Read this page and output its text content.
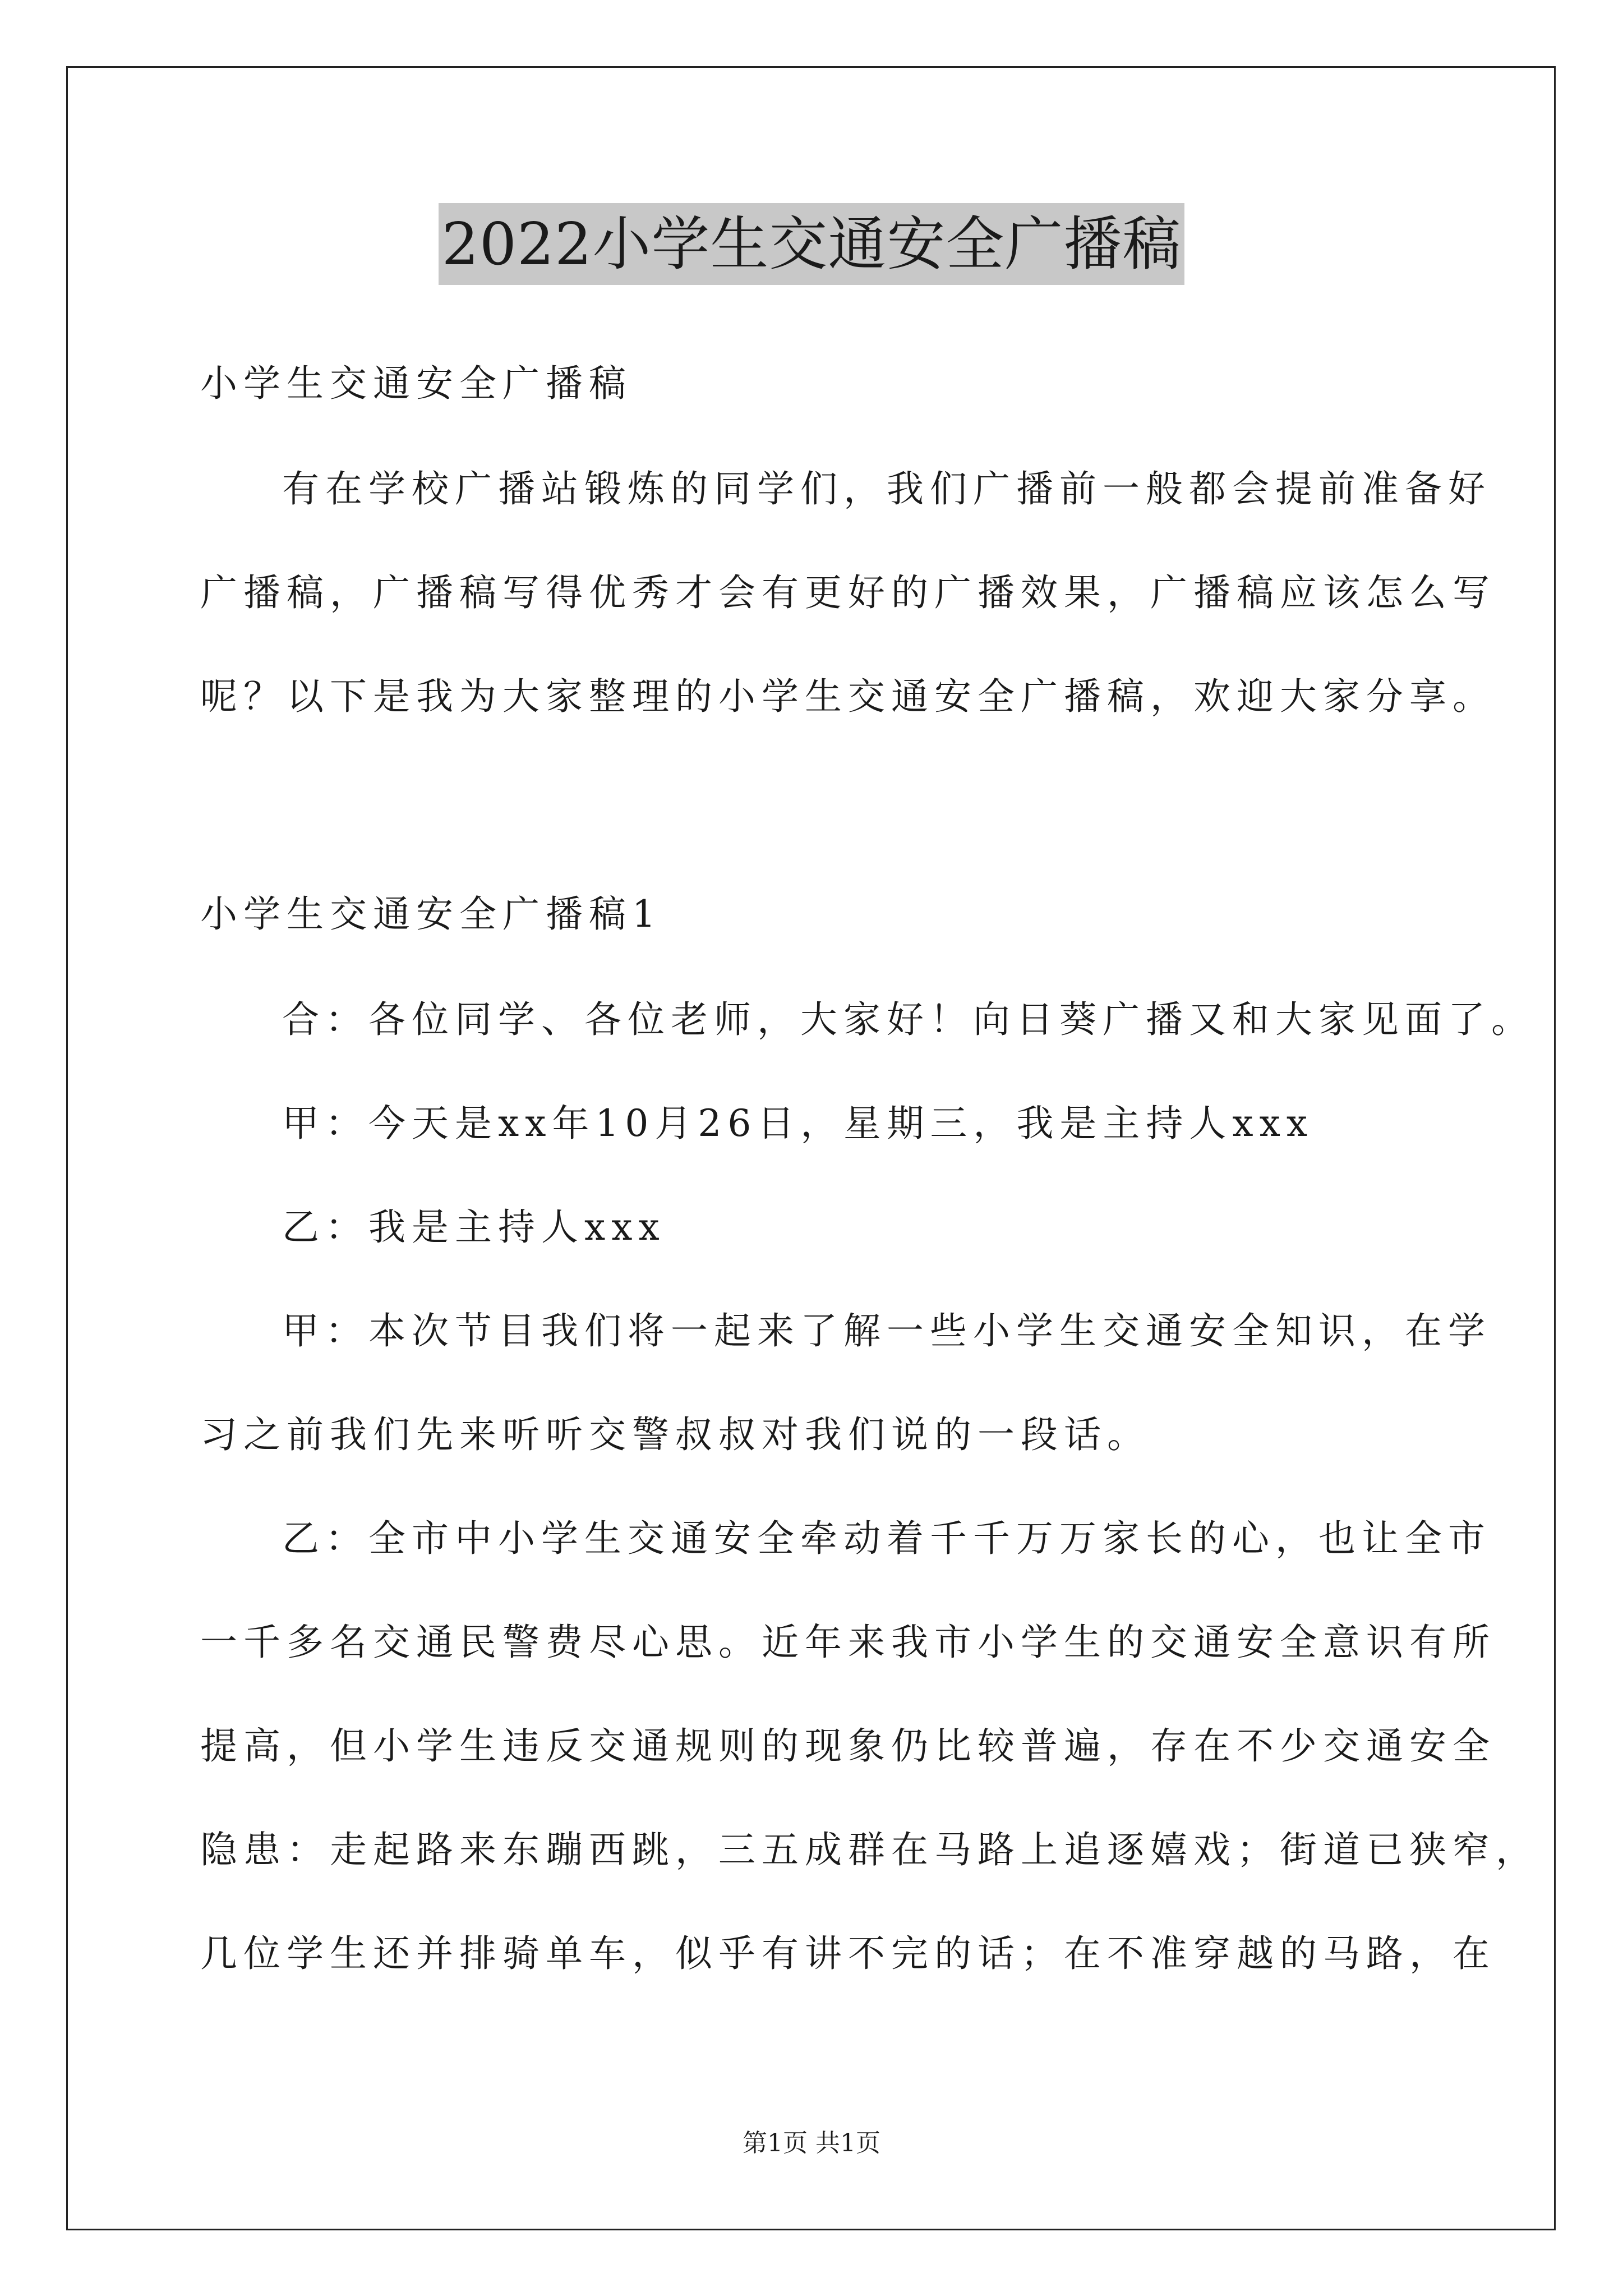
2022小学生交通安全广播稿
小学生交通安全广播稿
有在学校广播站锻炼的同学们，我们广播前一般都会提前准备好
广播稿，广播稿写得优秀才会有更好的广播效果，广播稿应该怎么写
呢？以下是我为大家整理的小学生交通安全广播稿，欢迎大家分享。
小学生交通安全广播稿1
合：各位同学、各位老师，大家好！向日葵广播又和大家见面了。
甲：今天是xx年10月26日，星期三，我是主持人xxx
乙：我是主持人xxx
甲：本次节目我们将一起来了解一些小学生交通安全知识，在学
习之前我们先来听听交警叔叔对我们说的一段话。
乙：全市中小学生交通安全牵动着千千万万家长的心，也让全市
一千多名交通民警费尽心思。近年来我市小学生的交通安全意识有所
提高，但小学生违反交通规则的现象仍比较普遍，存在不少交通安全
隐患：走起路来东蹦西跳，三五成群在马路上追逐嬉戏；街道已狭窄，
几位学生还并排骑单车，似乎有讲不完的话；在不准穿越的马路，在
第1页 共1页
